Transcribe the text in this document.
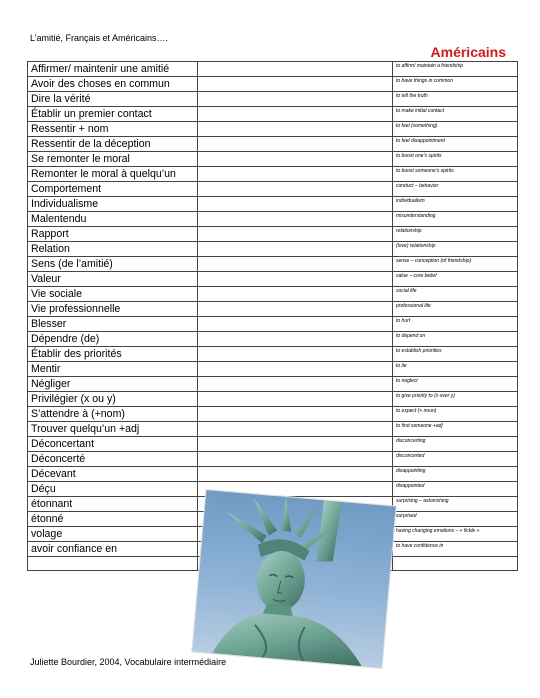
L’amitié, Français et Américains….
Américains
Affirmer/ maintenir une amitié		to affirm/ maintain a friendship
Avoir des choses en commun		to have things in common
Dire la vérité		to tell the truth
Établir un premier contact		to make initial contact
Ressentir + nom		to feel (something)
Ressentir de la déception		to feel disappointment
Se remonter le moral		to boost one’s spirits
Remonter le moral à quelqu’un		to boost someone’s spirits
Comportement		conduct – behavior
Individualisme		individualism
Malentendu		misunderstanding
Rapport		relationship
Relation		(love) relationship
Sens (de l’amitié)		sense – conception (of friendship)
Valeur		value – core belief
Vie sociale		social life
Vie professionnelle		professional life
Blesser		to hurt
Dépendre (de)		to depend on
Établir des priorités		to establish priorities
Mentir		to lie
Négliger		to neglect
Privilégier (x ou y)		to give priority to (x over y)
S’attendre à (+nom)		to expect (+ noun)
Trouver quelqu’un +adj		to find someone +adj
Déconcertant		disconcerting
Déconcerté		disconcerted
Décevant		disappointing
Déçu		disappointed
étonnant		surprising – astonishing
étonné		surprised
volage		having changing emotions – « fickle »
avoir confiance en		to have confidence in

Juliette Bourdier, 2004, Vocabulaire intermédiaire
